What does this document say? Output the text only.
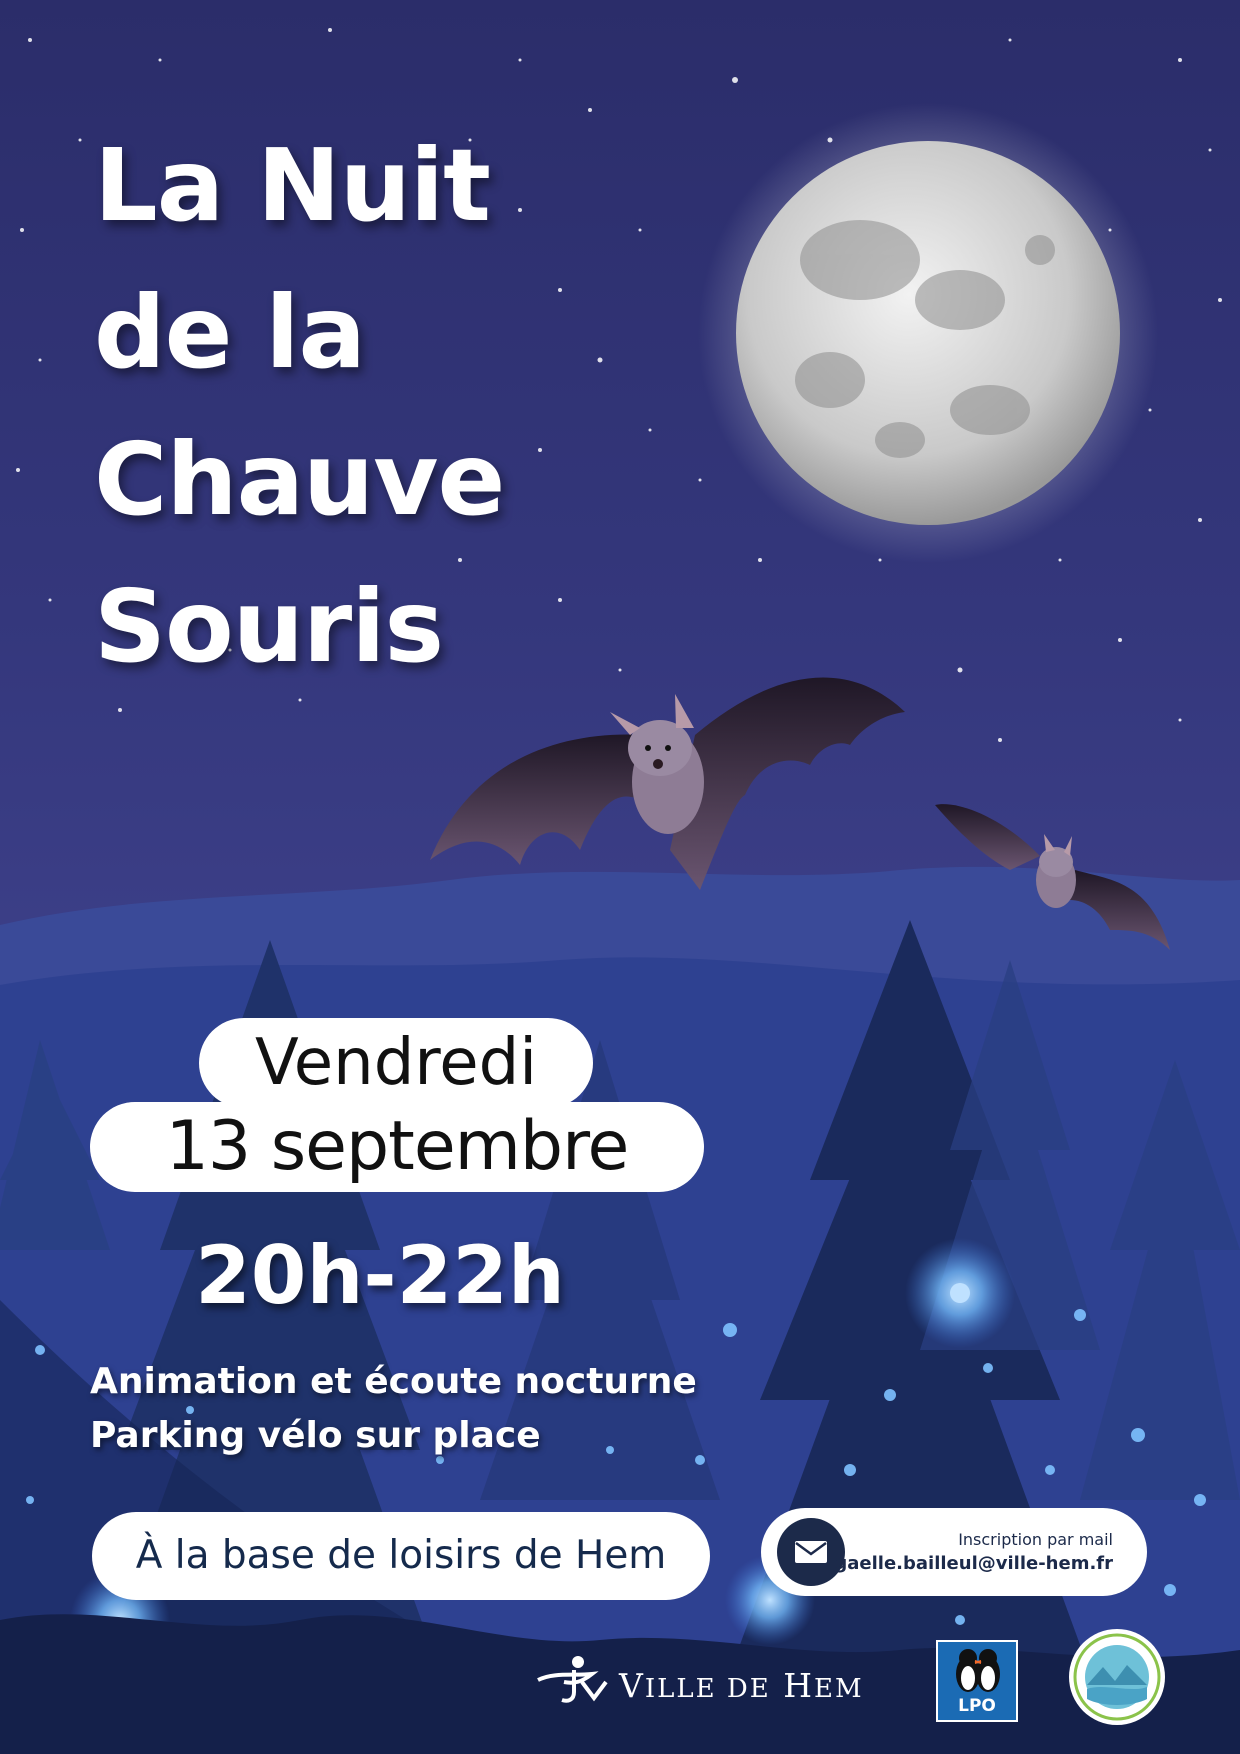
La Nuit
de la
Chauve
Souris
Vendredi
13 septembre
20h-22h
Animation et écoute nocturne
Parking vélo sur place
À la base de loisirs de Hem	Inscription par mail
gaelle.bailleul@ville-hem.fr
VILLE DE HEM
LPO
